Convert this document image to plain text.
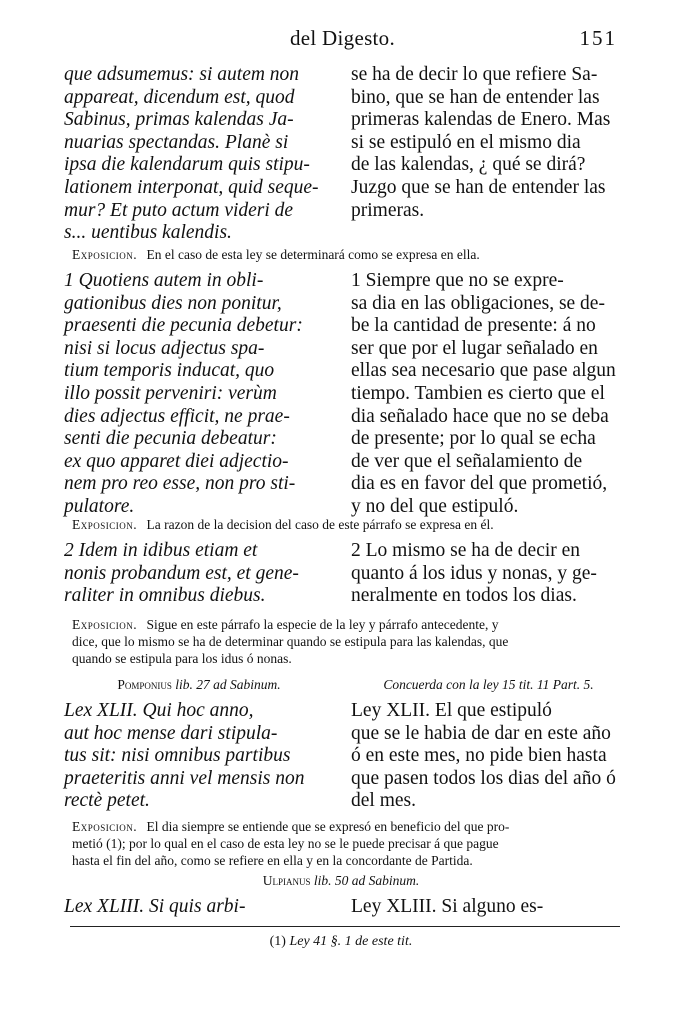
del Digesto.	151
que adsumemus: si autem non
appareat, dicendum est, quod
Sabinus, primas kalendas Ja-
nuarias spectandas. Planè si
ipsa die kalendarum quis stipu-
lationem interponat, quid seque-
mur? Et puto actum videri de
s... uentibus kalendis.
se ha de decir lo que refiere Sa-
bino, que se han de entender las
primeras kalendas de Enero. Mas
si se estipuló en el mismo dia
de las kalendas, ¿ qué se dirá?
Juzgo que se han de entender las
primeras.
Exposicion. En el caso de esta ley se determinará como se expresa en ella.
1 Quotiens autem in obli-
gationibus dies non ponitur,
praesenti die pecunia debetur:
nisi si locus adjectus spa-
tium temporis inducat, quo
illo possit perveniri: verùm
dies adjectus efficit, ne prae-
senti die pecunia debeatur:
ex quo apparet diei adjectio-
nem pro reo esse, non pro sti-
pulatore.
1 Siempre que no se expre-
sa dia en las obligaciones, se de-
be la cantidad de presente: á no
ser que por el lugar señalado en
ellas sea necesario que pase algun
tiempo. Tambien es cierto que el
dia señalado hace que no se deba
de presente; por lo qual se echa
de ver que el señalamiento de
dia es en favor del que prometió,
y no del que estipuló.
Exposicion. La razon de la decision del caso de este párrafo se expresa en él.
2 Idem in idibus etiam et
nonis probandum est, et gene-
raliter in omnibus diebus.
2 Lo mismo se ha de decir en
quanto á los idus y nonas, y ge-
neralmente en todos los dias.
Exposicion. Sigue en este párrafo la especie de la ley y párrafo antecedente, y
dice, que lo mismo se ha de determinar quando se estipula para las kalendas, que
quando se estipula para los idus ó nonas.
Pomponius lib. 27 ad Sabinum.
Lex XLII. Qui hoc anno,
aut hoc mense dari stipula-
tus sit: nisi omnibus partibus
praeteritis anni vel mensis non
rectè petet.
Concuerda con la ley 15 tit. 11 Part. 5.
Ley XLII. El que estipuló
que se le habia de dar en este año
ó en este mes, no pide bien hasta
que pasen todos los dias del año ó
del mes.
Exposicion. El dia siempre se entiende que se expresó en beneficio del que pro-
metió (1); por lo qual en el caso de esta ley no se le puede precisar á que pague
hasta el fin del año, como se refiere en ella y en la concordante de Partida.
Ulpianus lib. 50 ad Sabinum.
Lex XLIII. Si quis arbi-	Ley XLIII. Si alguno es-
(1) Ley 41 §. 1 de este tit.
